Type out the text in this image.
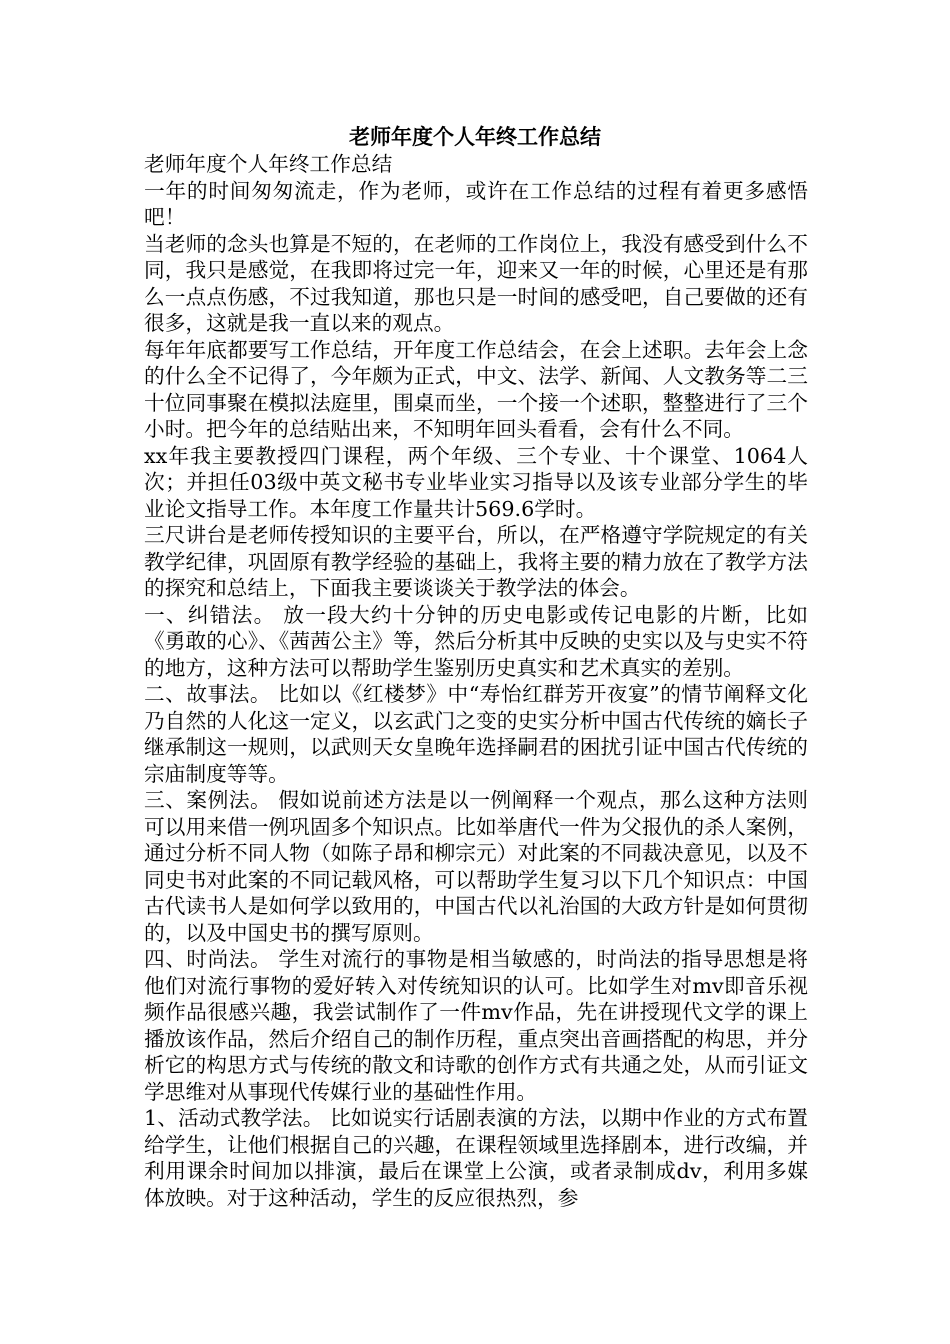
老师年度个人年终工作总结

老师年度个人年终工作总结

一年的时间匆匆流走，作为老师，或许在工作总结的过程有着更多感悟吧！

当老师的念头也算是不短的，在老师的工作岗位上，我没有感受到什么不同，我只是感觉，在我即将过完一年，迎来又一年的时候，心里还是有那么一点点伤感，不过我知道，那也只是一时间的感受吧，自己要做的还有很多，这就是我一直以来的观点。

每年年底都要写工作总结，开年度工作总结会，在会上述职。去年会上念的什么全不记得了，今年颇为正式，中文、法学、新闻、人文教务等二三十位同事聚在模拟法庭里，围桌而坐，一个接一个述职，整整进行了三个小时。把今年的总结贴出来，不知明年回头看看，会有什么不同。

xx年我主要教授四门课程，两个年级、三个专业、十个课堂、1064人次；并担任03级中英文秘书专业毕业实习指导以及该专业部分学生的毕业论文指导工作。本年度工作量共计569.6学时。

三尺讲台是老师传授知识的主要平台，所以，在严格遵守学院规定的有关教学纪律，巩固原有教学经验的基础上，我将主要的精力放在了教学方法的探究和总结上，下面我主要谈谈关于教学法的体会。

一、纠错法。 放一段大约十分钟的历史电影或传记电影的片断，比如《勇敢的心》、《茜茜公主》等，然后分析其中反映的史实以及与史实不符的地方，这种方法可以帮助学生鉴别历史真实和艺术真实的差别。

二、故事法。 比如以《红楼梦》中“寿怡红群芳开夜宴”的情节阐释文化乃自然的人化这一定义，以玄武门之变的史实分析中国古代传统的嫡长子继承制这一规则，以武则天女皇晚年选择嗣君的困扰引证中国古代传统的宗庙制度等等。

三、案例法。 假如说前述方法是以一例阐释一个观点，那么这种方法则可以用来借一例巩固多个知识点。比如举唐代一件为父报仇的杀人案例，通过分析不同人物（如陈子昂和柳宗元）对此案的不同裁决意见，以及不同史书对此案的不同记载风格，可以帮助学生复习以下几个知识点：中国古代读书人是如何学以致用的，中国古代以礼治国的大政方针是如何贯彻的，以及中国史书的撰写原则。

四、时尚法。 学生对流行的事物是相当敏感的，时尚法的指导思想是将他们对流行事物的爱好转入对传统知识的认可。比如学生对mv即音乐视频作品很感兴趣，我尝试制作了一件mv作品，先在讲授现代文学的课上播放该作品，然后介绍自己的制作历程，重点突出音画搭配的构思，并分析它的构思方式与传统的散文和诗歌的创作方式有共通之处，从而引证文学思维对从事现代传媒行业的基础性作用。

1、活动式教学法。 比如说实行话剧表演的方法，以期中作业的方式布置给学生，让他们根据自己的兴趣，在课程领域里选择剧本，进行改编，并利用课余时间加以排演，最后在课堂上公演，或者录制成dv，利用多媒体放映。对于这种活动，学生的反应很热烈，参
